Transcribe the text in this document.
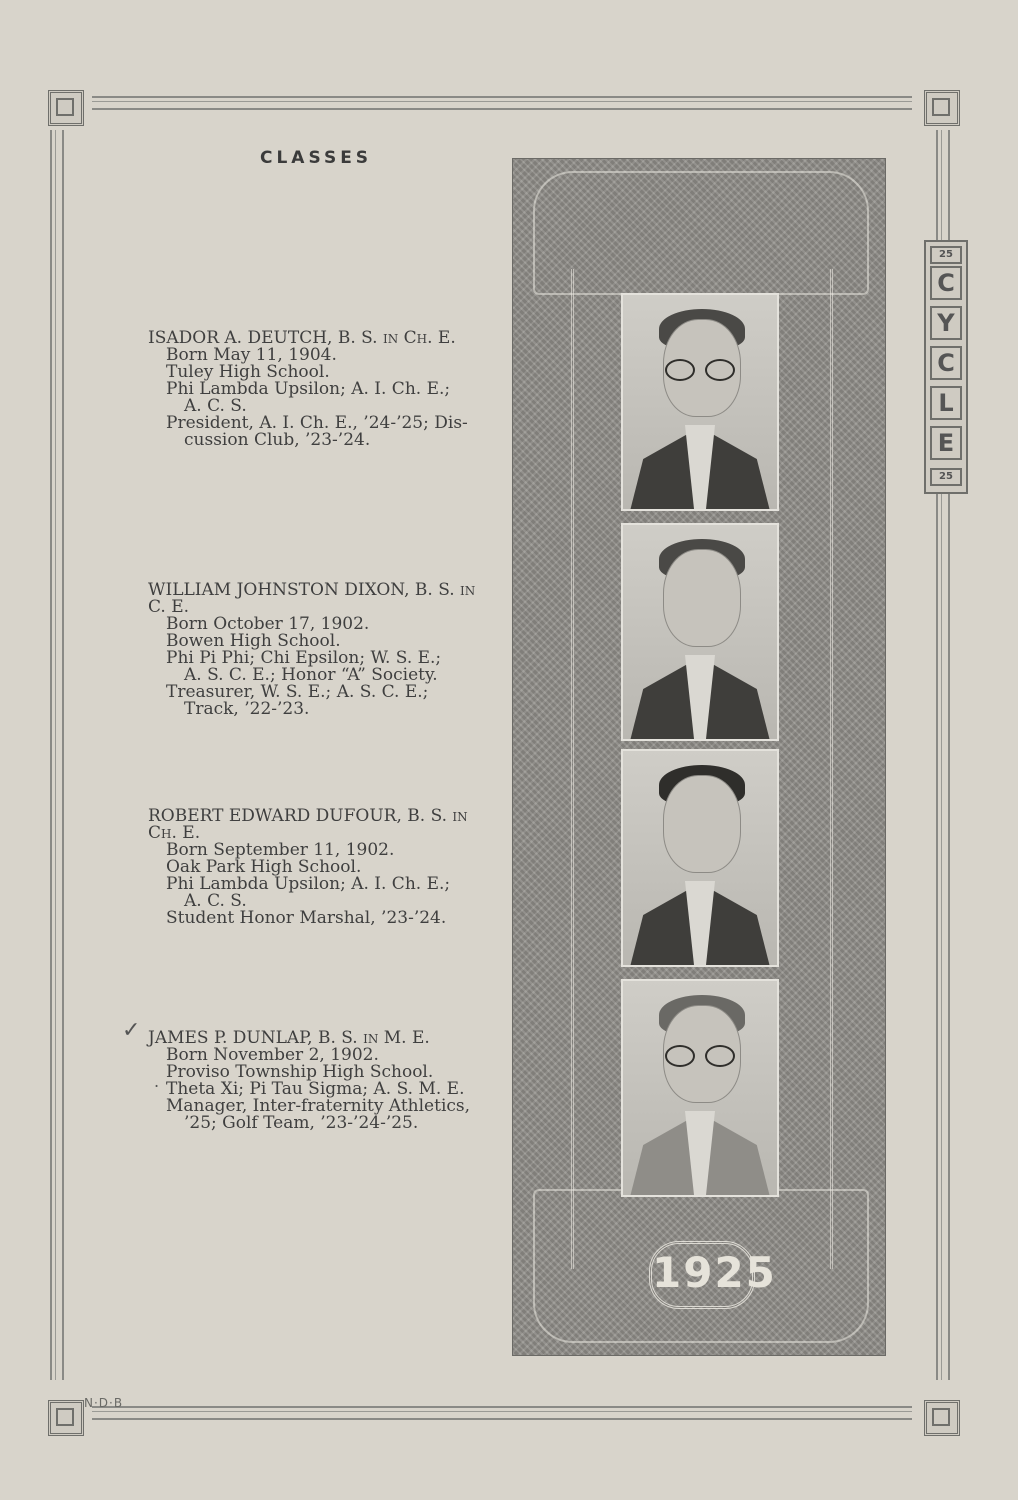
CLASSES
ISADOR A. DEUTCH, B. S. in Ch. E.
Born May 11, 1904.
Tuley High School.
Phi Lambda Upsilon; A. I. Ch. E.;
A. C. S.
President, A. I. Ch. E., ’24-’25; Dis-
cussion Club, ’23-’24.
WILLIAM JOHNSTON DIXON, B. S. in C. E.
Born October 17, 1902.
Bowen High School.
Phi Pi Phi; Chi Epsilon; W. S. E.;
A. S. C. E.; Honor “A” Society.
Treasurer, W. S. E.; A. S. C. E.;
Track, ’22-’23.
ROBERT EDWARD DUFOUR, B. S. in Ch. E.
Born September 11, 1902.
Oak Park High School.
Phi Lambda Upsilon; A. I. Ch. E.;
A. C. S.
Student Honor Marshal, ’23-’24.
✓
.
JAMES P. DUNLAP, B. S. in M. E.
Born November 2, 1902.
Proviso Township High School.
Theta Xi; Pi Tau Sigma; A. S. M. E.
Manager, Inter-fraternity Athletics,
’25; Golf Team, ’23-’24-’25.
1925
25
C
Y
C
L
E
25
N·D·B
